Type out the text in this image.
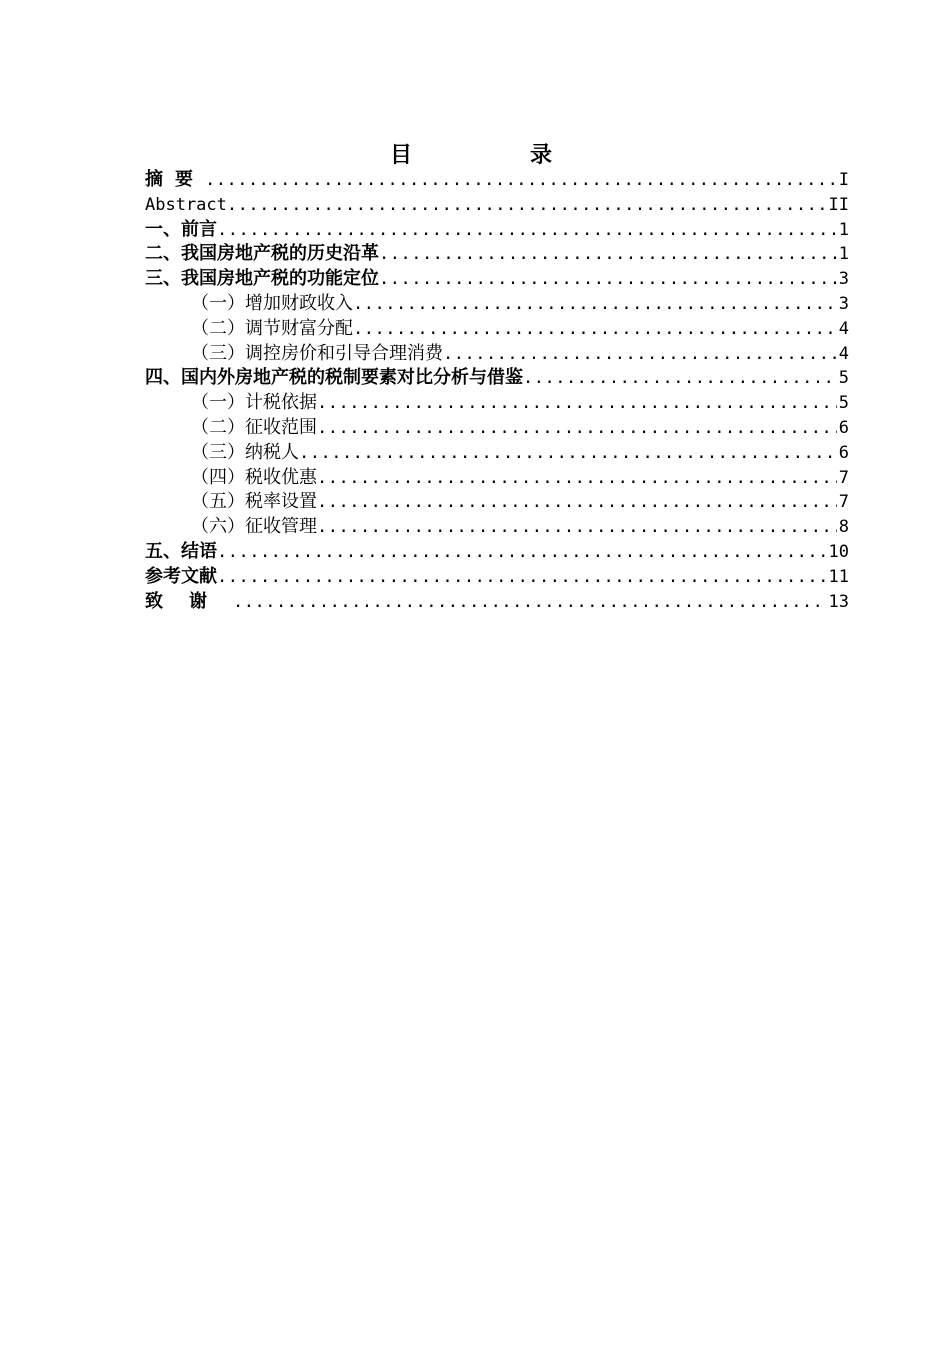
目　录
摘要 .....	I
Abstract .....	II
一、前言 .....	1
二、我国房地产税的历史沿革 .....	1
三、我国房地产税的功能定位 .....	3
（一）增加财政收入 .....	3
（二）调节财富分配 .....	4
（三）调控房价和引导合理消费 .....	4
四、国内外房地产税的税制要素对比分析与借鉴 .....	5
（一）计税依据 .....	5
（二）征收范围 .....	6
（三）纳税人 .....	6
（四）税收优惠 .....	7
（五）税率设置 .....	7
（六）征收管理 .....	8
五、结语 .....	10
参考文献 .....	11
致谢 .....	13
